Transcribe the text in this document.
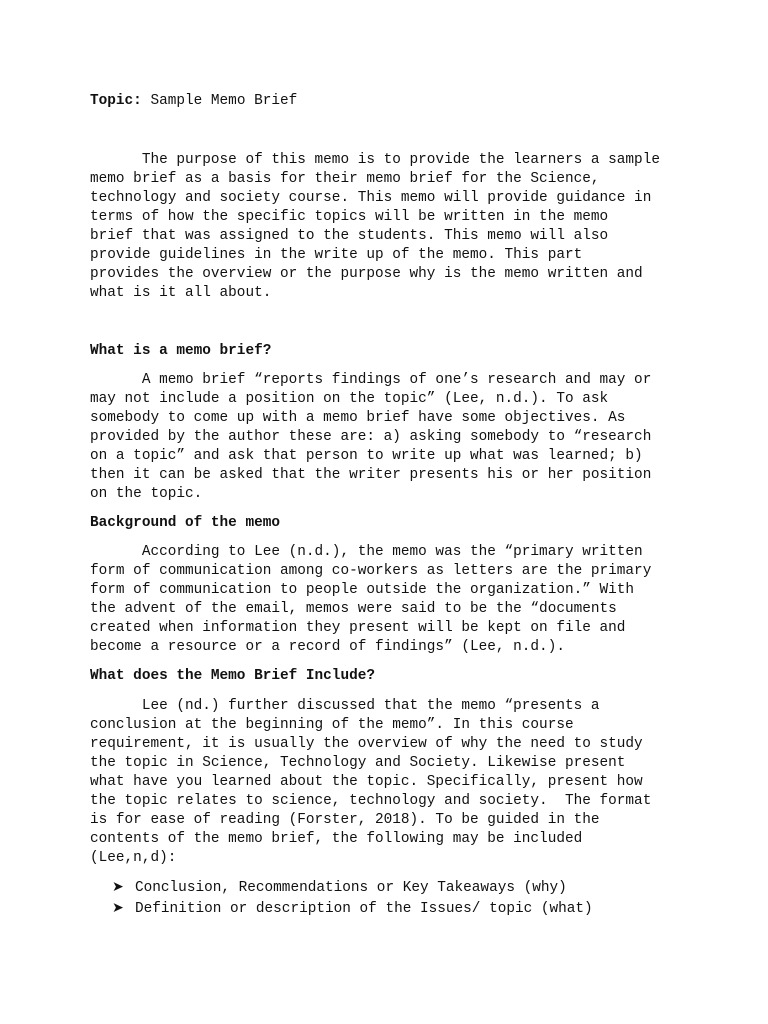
Topic: Sample Memo Brief
The purpose of this memo is to provide the learners a sample
memo brief as a basis for their memo brief for the Science,
technology and society course. This memo will provide guidance in
terms of how the specific topics will be written in the memo
brief that was assigned to the students. This memo will also
provide guidelines in the write up of the memo. This part
provides the overview or the purpose why is the memo written and
what is it all about.
What is a memo brief?
A memo brief “reports findings of one’s research and may or
may not include a position on the topic” (Lee, n.d.). To ask
somebody to come up with a memo brief have some objectives. As
provided by the author these are: a) asking somebody to “research
on a topic” and ask that person to write up what was learned; b)
then it can be asked that the writer presents his or her position
on the topic.
Background of the memo
According to Lee (n.d.), the memo was the “primary written
form of communication among co-workers as letters are the primary
form of communication to people outside the organization.” With
the advent of the email, memos were said to be the “documents
created when information they present will be kept on file and
become a resource or a record of findings” (Lee, n.d.).
What does the Memo Brief Include?
Lee (nd.) further discussed that the memo “presents a
conclusion at the beginning of the memo”. In this course
requirement, it is usually the overview of why the need to study
the topic in Science, Technology and Society. Likewise present
what have you learned about the topic. Specifically, present how
the topic relates to science, technology and society.  The format
is for ease of reading (Forster, 2018). To be guided in the
contents of the memo brief, the following may be included
(Lee,n,d):
➤ Conclusion, Recommendations or Key Takeaways (why)
➤ Definition or description of the Issues/ topic (what)
